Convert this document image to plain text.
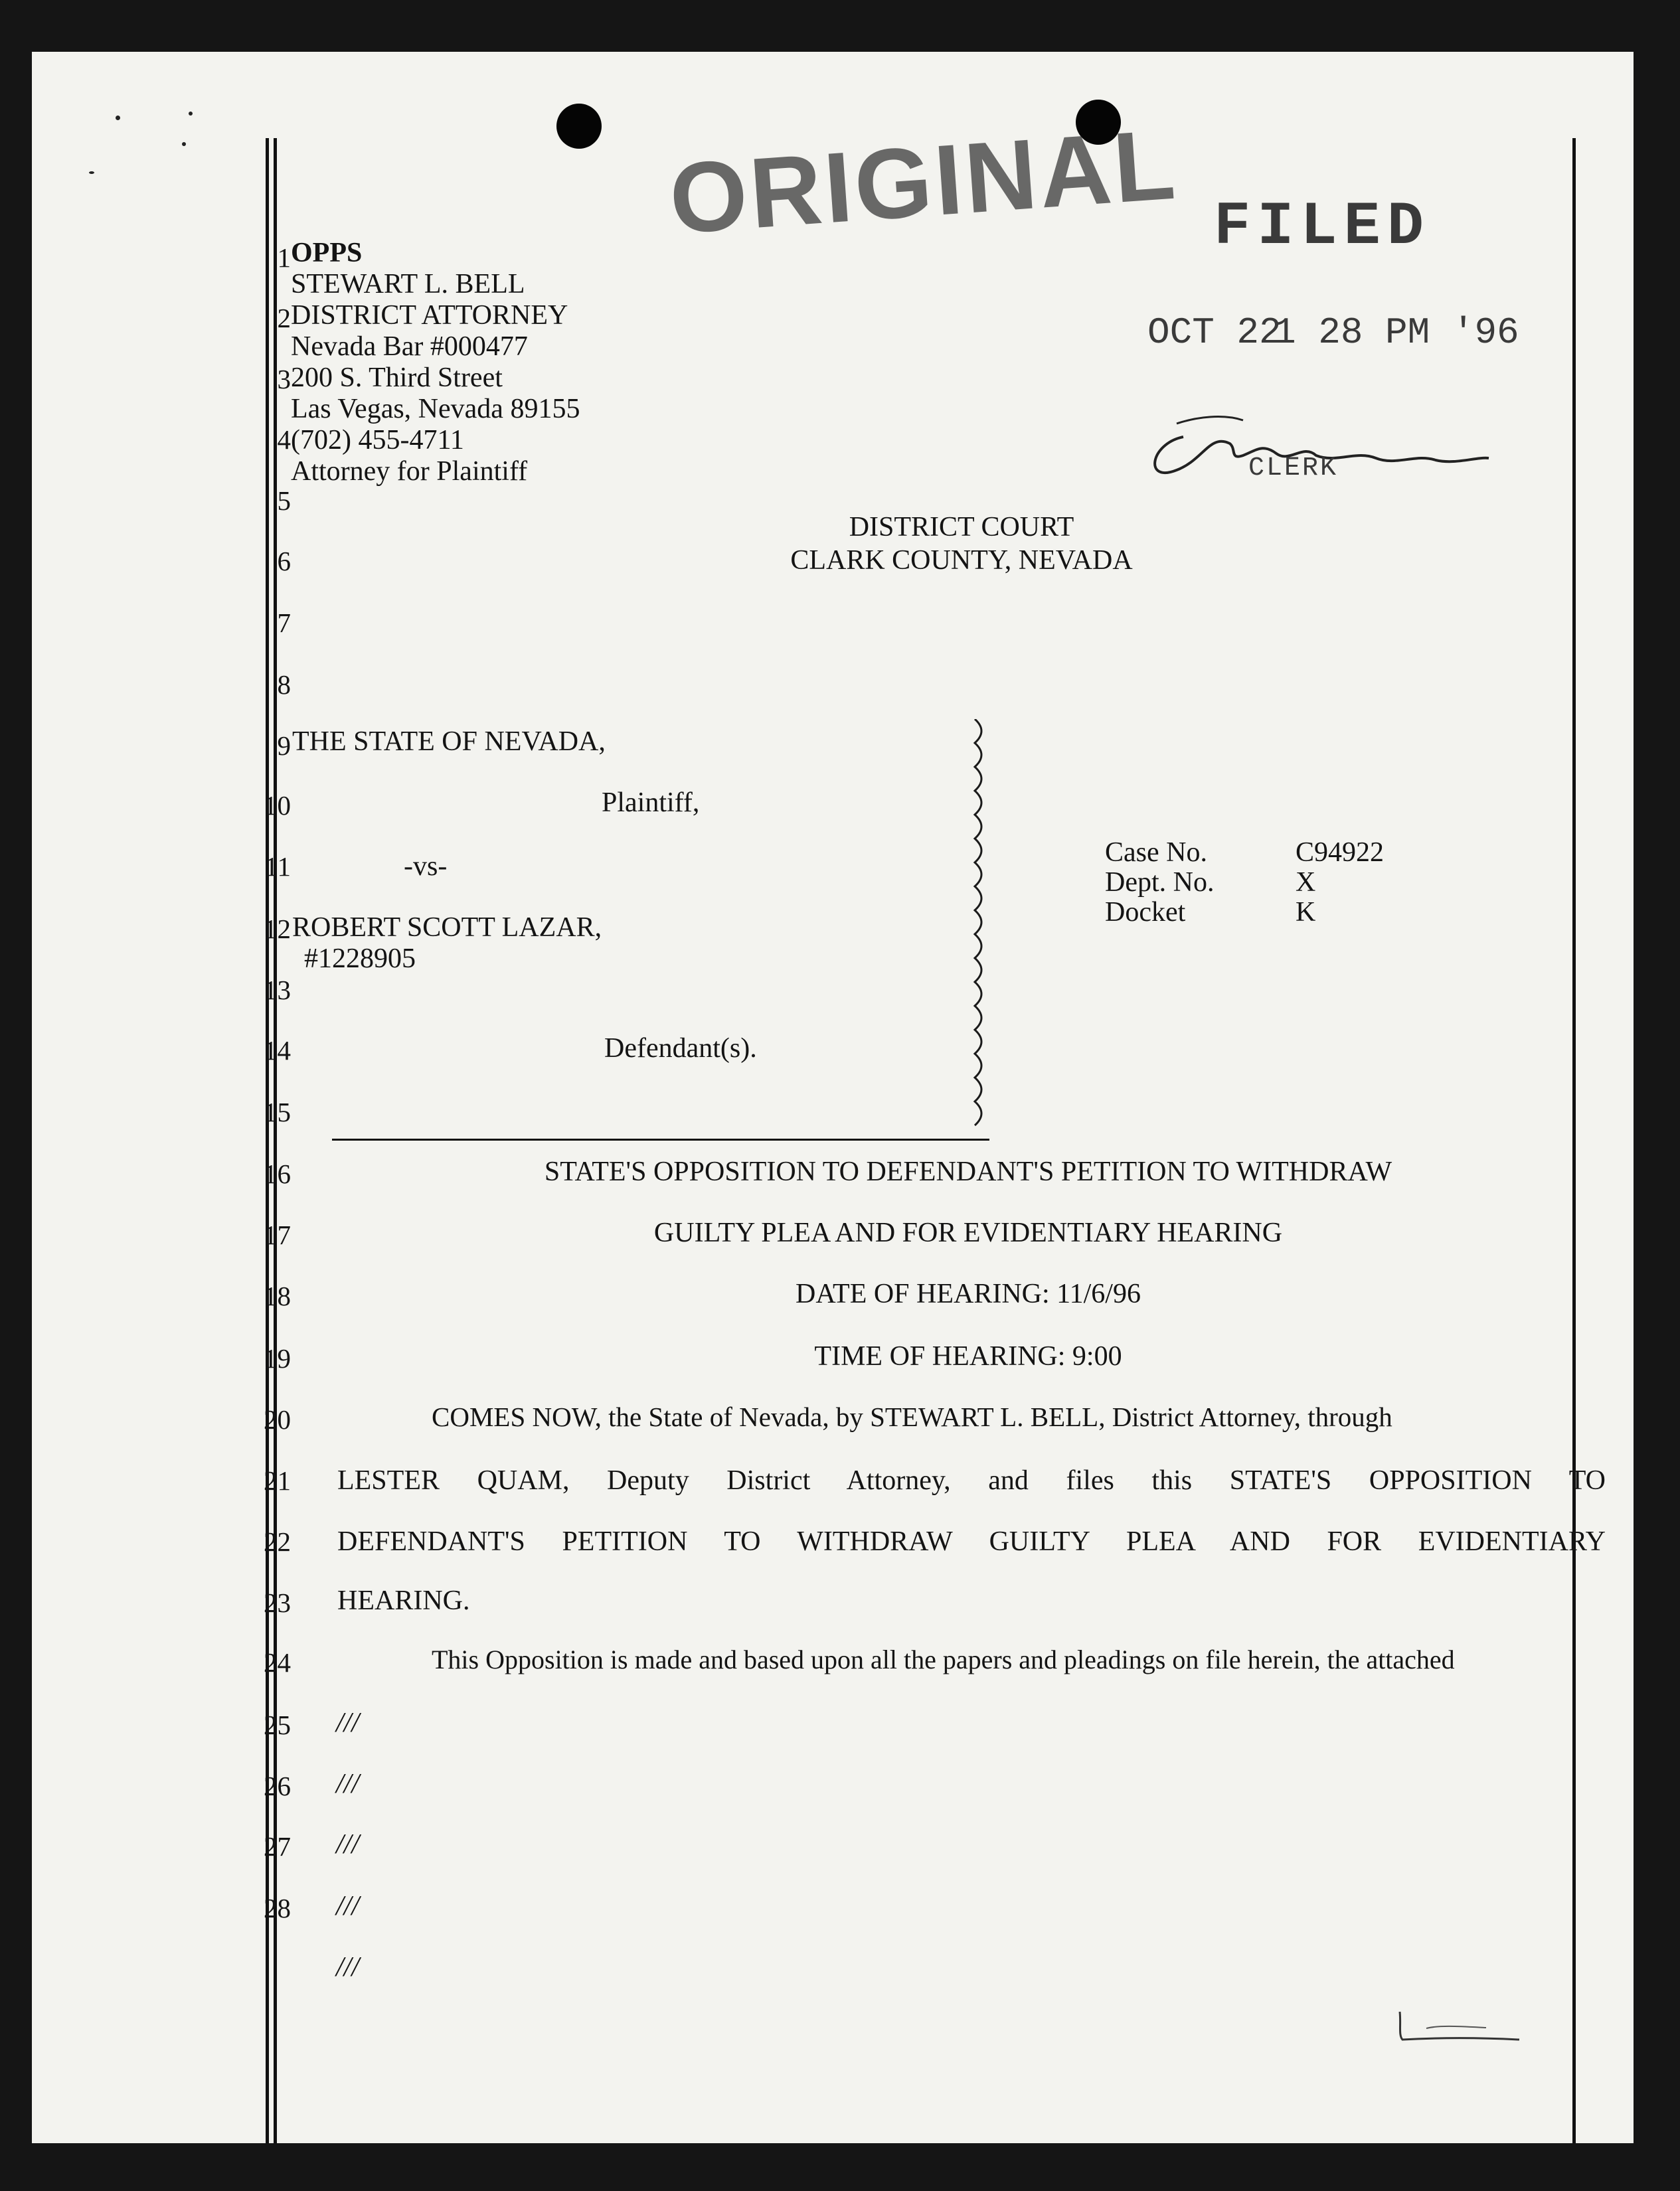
ORIGINAL FILED
OCT 22
1 28 PM '96
CLERK
1
2
3
4
5
6
7
8
9
10
11
12
13
14
15
16
17
18
19
20
21
22
23
24
25
26
27
28
OPPS
STEWART L. BELL
DISTRICT ATTORNEY
Nevada Bar #000477
200 S. Third Street
Las Vegas, Nevada 89155
(702) 455-4711
Attorney for Plaintiff
DISTRICT COURT
CLARK COUNTY, NEVADA
THE STATE OF NEVADA,
Plaintiff,
-vs-
ROBERT SCOTT LAZAR,
#1228905
Defendant(s).
Case No.	C94922
Dept. No.	X
Docket	K
STATE'S OPPOSITION TO DEFENDANT'S PETITION TO WITHDRAW
GUILTY PLEA AND FOR EVIDENTIARY HEARING
DATE OF HEARING: 11/6/96
TIME OF HEARING: 9:00
COMES NOW, the State of Nevada, by STEWART L. BELL, District Attorney, through
LESTER QUAM, Deputy District Attorney, and files this STATE'S OPPOSITION TO
DEFENDANT'S PETITION TO WITHDRAW GUILTY PLEA AND FOR EVIDENTIARY
HEARING.
This Opposition is made and based upon all the papers and pleadings on file herein, the attached
///
///
///
///
///
